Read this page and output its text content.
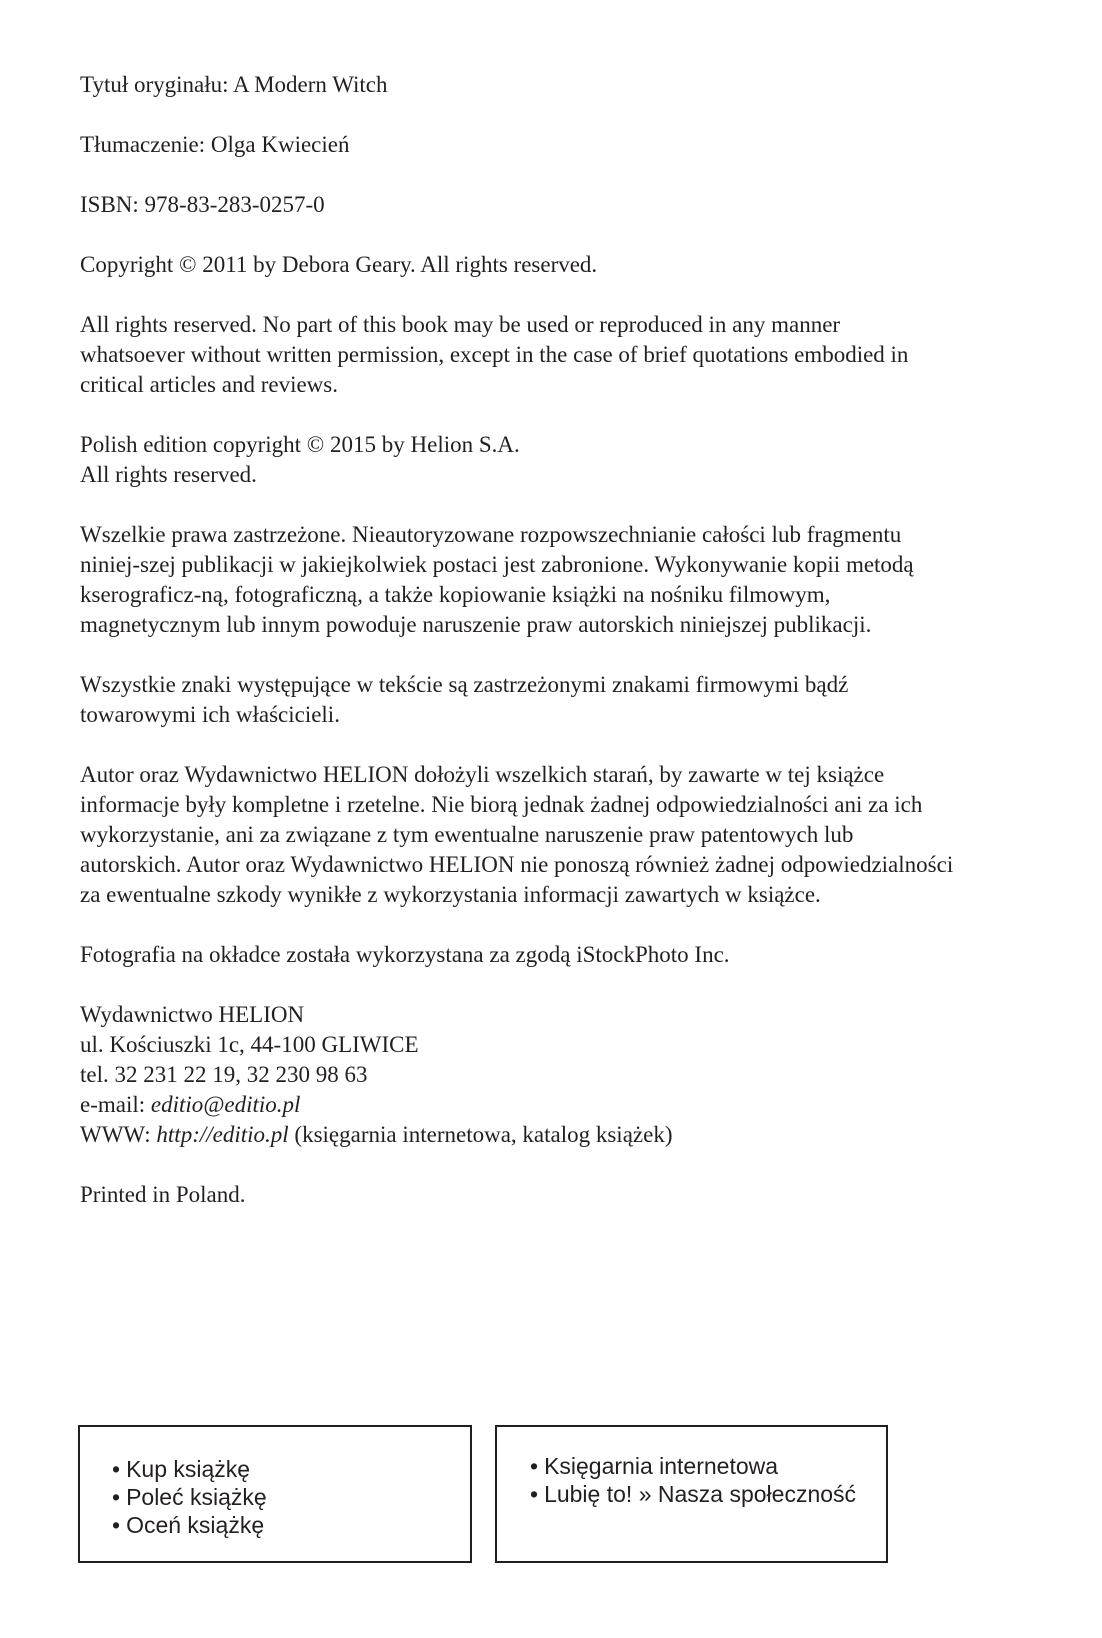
Tytuł oryginału: A Modern Witch

Tłumaczenie: Olga Kwiecień

ISBN: 978-83-283-0257-0

Copyright © 2011 by Debora Geary. All rights reserved.

All rights reserved. No part of this book may be used or reproduced in any manner
whatsoever without written permission, except in the case of brief quotations embodied in
critical articles and reviews.

Polish edition copyright © 2015 by Helion S.A.
All rights reserved.

Wszelkie prawa zastrzeżone. Nieautoryzowane rozpowszechnianie całości lub fragmentu
niniej-szej publikacji w jakiejkolwiek postaci jest zabronione. Wykonywanie kopii metodą
kserograficz-ną, fotograficzną, a także kopiowanie książki na nośniku filmowym,
magnetycznym lub innym powoduje naruszenie praw autorskich niniejszej publikacji.

Wszystkie znaki występujące w tekście są zastrzeżonymi znakami firmowymi bądź
towarowymi ich właścicieli.

Autor oraz Wydawnictwo HELION dołożyli wszelkich starań, by zawarte w tej książce
informacje były kompletne i rzetelne. Nie biorą jednak żadnej odpowiedzialności ani za ich
wykorzystanie, ani za związane z tym ewentualne naruszenie praw patentowych lub
autorskich. Autor oraz Wydawnictwo HELION nie ponoszą również żadnej odpowiedzialności
za ewentualne szkody wynikłe z wykorzystania informacji zawartych w książce.

Fotografia na okładce została wykorzystana za zgodą iStockPhoto Inc.

Wydawnictwo HELION
ul. Kościuszki 1c, 44-100 GLIWICE
tel. 32 231 22 19, 32 230 98 63
e-mail: editio@editio.pl
WWW: http://editio.pl (księgarnia internetowa, katalog książek)

Printed in Poland.

• Kup książkę
• Poleć książkę
• Oceń książkę
• Księgarnia internetowa
• Lubię to! » Nasza społeczność
